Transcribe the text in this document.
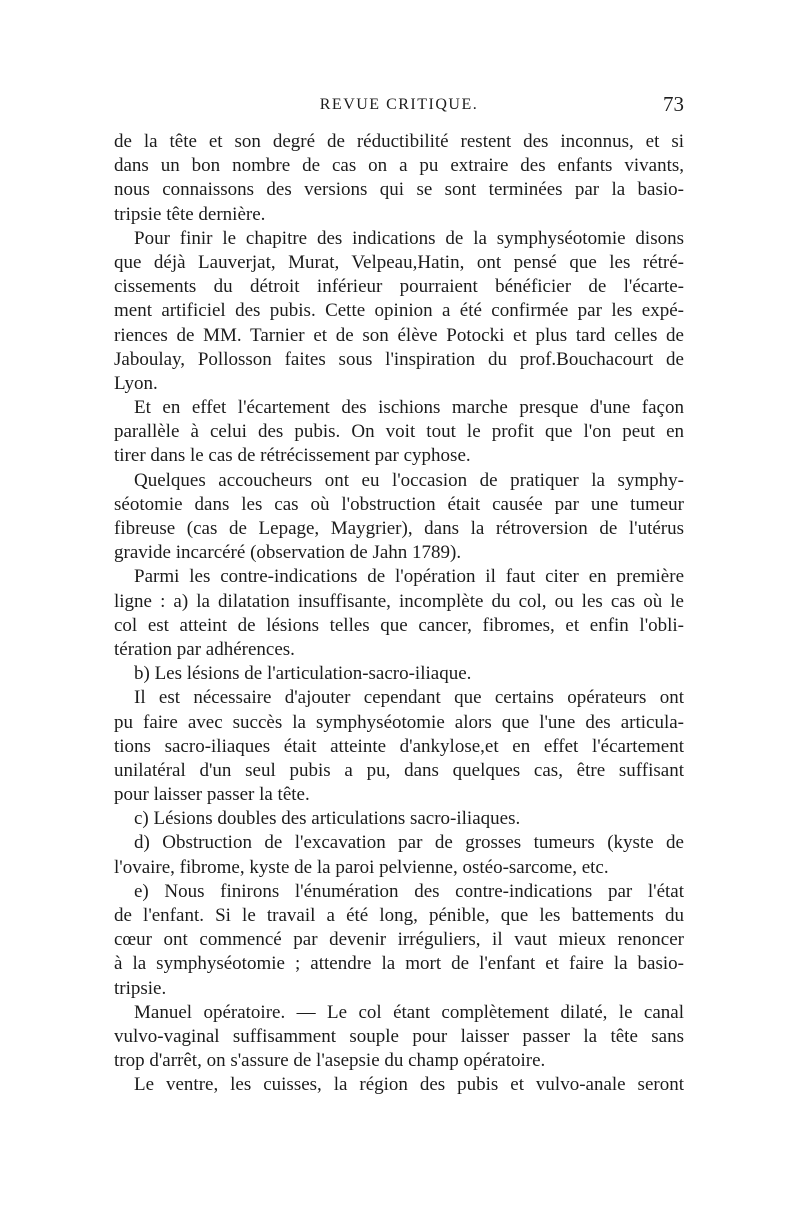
REVUE CRITIQUE.	73
de la tête et son degré de réductibilité restent des inconnus, et si
dans un bon nombre de cas on a pu extraire des enfants vivants,
nous connaissons des versions qui se sont terminées par la basio-
tripsie tête dernière.
Pour finir le chapitre des indications de la symphyséotomie disons
que déjà Lauverjat, Murat, Velpeau,Hatin, ont pensé que les rétré-
cissements du détroit inférieur pourraient bénéficier de l'écarte-
ment artificiel des pubis. Cette opinion a été confirmée par les expé-
riences de MM. Tarnier et de son élève Potocki et plus tard celles de
Jaboulay, Pollosson faites sous l'inspiration du prof.Bouchacourt de
Lyon.
Et en effet l'écartement des ischions marche presque d'une façon
parallèle à celui des pubis. On voit tout le profit que l'on peut en
tirer dans le cas de rétrécissement par cyphose.
Quelques accoucheurs ont eu l'occasion de pratiquer la symphy-
séotomie dans les cas où l'obstruction était causée par une tumeur
fibreuse (cas de Lepage, Maygrier), dans la rétroversion de l'utérus
gravide incarcéré (observation de Jahn 1789).
Parmi les contre-indications de l'opération il faut citer en première
ligne : a) la dilatation insuffisante, incomplète du col, ou les cas où le
col est atteint de lésions telles que cancer, fibromes, et enfin l'obli-
tération par adhérences.
b) Les lésions de l'articulation-sacro-iliaque.
Il est nécessaire d'ajouter cependant que certains opérateurs ont
pu faire avec succès la symphyséotomie alors que l'une des articula-
tions sacro-iliaques était atteinte d'ankylose,et en effet l'écartement
unilatéral d'un seul pubis a pu, dans quelques cas, être suffisant
pour laisser passer la tête.
c) Lésions doubles des articulations sacro-iliaques.
d) Obstruction de l'excavation par de grosses tumeurs (kyste de
l'ovaire, fibrome, kyste de la paroi pelvienne, ostéo-sarcome, etc.
e) Nous finirons l'énumération des contre-indications par l'état
de l'enfant. Si le travail a été long, pénible, que les battements du
cœur ont commencé par devenir irréguliers, il vaut mieux renoncer
à la symphyséotomie ; attendre la mort de l'enfant et faire la basio-
tripsie.
Manuel opératoire. — Le col étant complètement dilaté, le canal
vulvo-vaginal suffisamment souple pour laisser passer la tête sans
trop d'arrêt, on s'assure de l'asepsie du champ opératoire.
Le ventre, les cuisses, la région des pubis et vulvo-anale seront
